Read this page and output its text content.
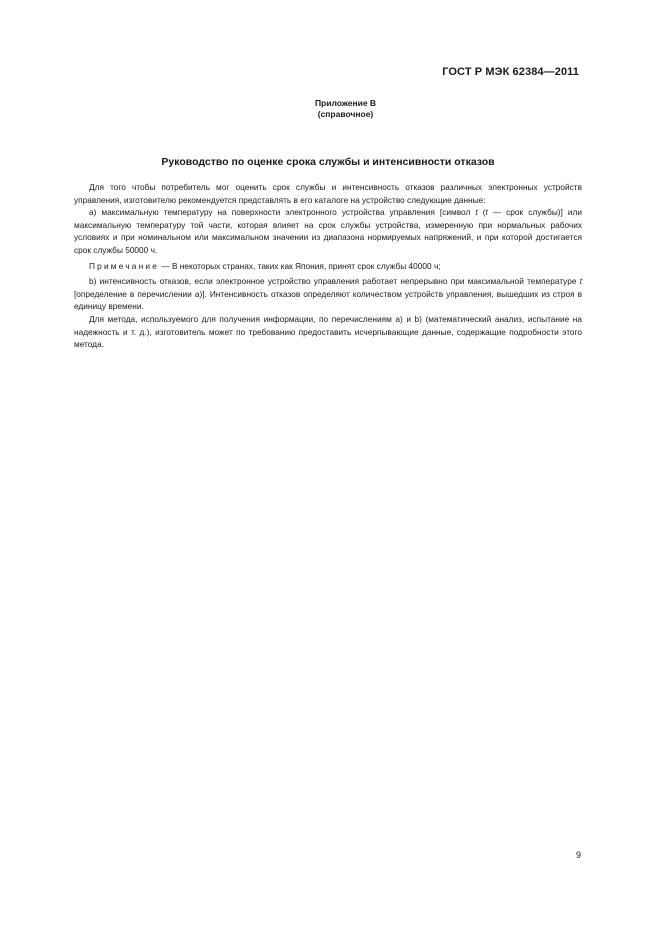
ГОСТ Р МЭК 62384—2011
Приложение В
(справочное)
Руководство по оценке срока службы и интенсивности отказов

Для того чтобы потребитель мог оценить срок службы и интенсивность отказов различных электронных устройств управления, изготовителю рекомендуется представлять в его каталоге на устройство следующие данные:

а) максимальную температуру на поверхности электронного устройства управления [символ t (t — срок службы)] или максимальную температуру той части, которая влияет на срок службы устройства, измеренную при нормальных рабочих условиях и при номинальном или максимальном значении из диапазона нормируемых напряжений, и при которой достигается срок службы 50000 ч.

Примечание — В некоторых странах, таких как Япония, принят срок службы 40000 ч;

b) интенсивность отказов, если электронное устройство управления работает непрерывно при максимальной температуре t [определение в перечислении а)]. Интенсивность отказов определяют количеством устройств управления, вышедших из строя в единицу времени.

Для метода, используемого для получения информации, по перечислениям а) и b) (математический анализ, испытание на надежность и т. д.), изготовитель может по требованию предоставить исчерпывающие данные, содержащие подробности этого метода.

9
